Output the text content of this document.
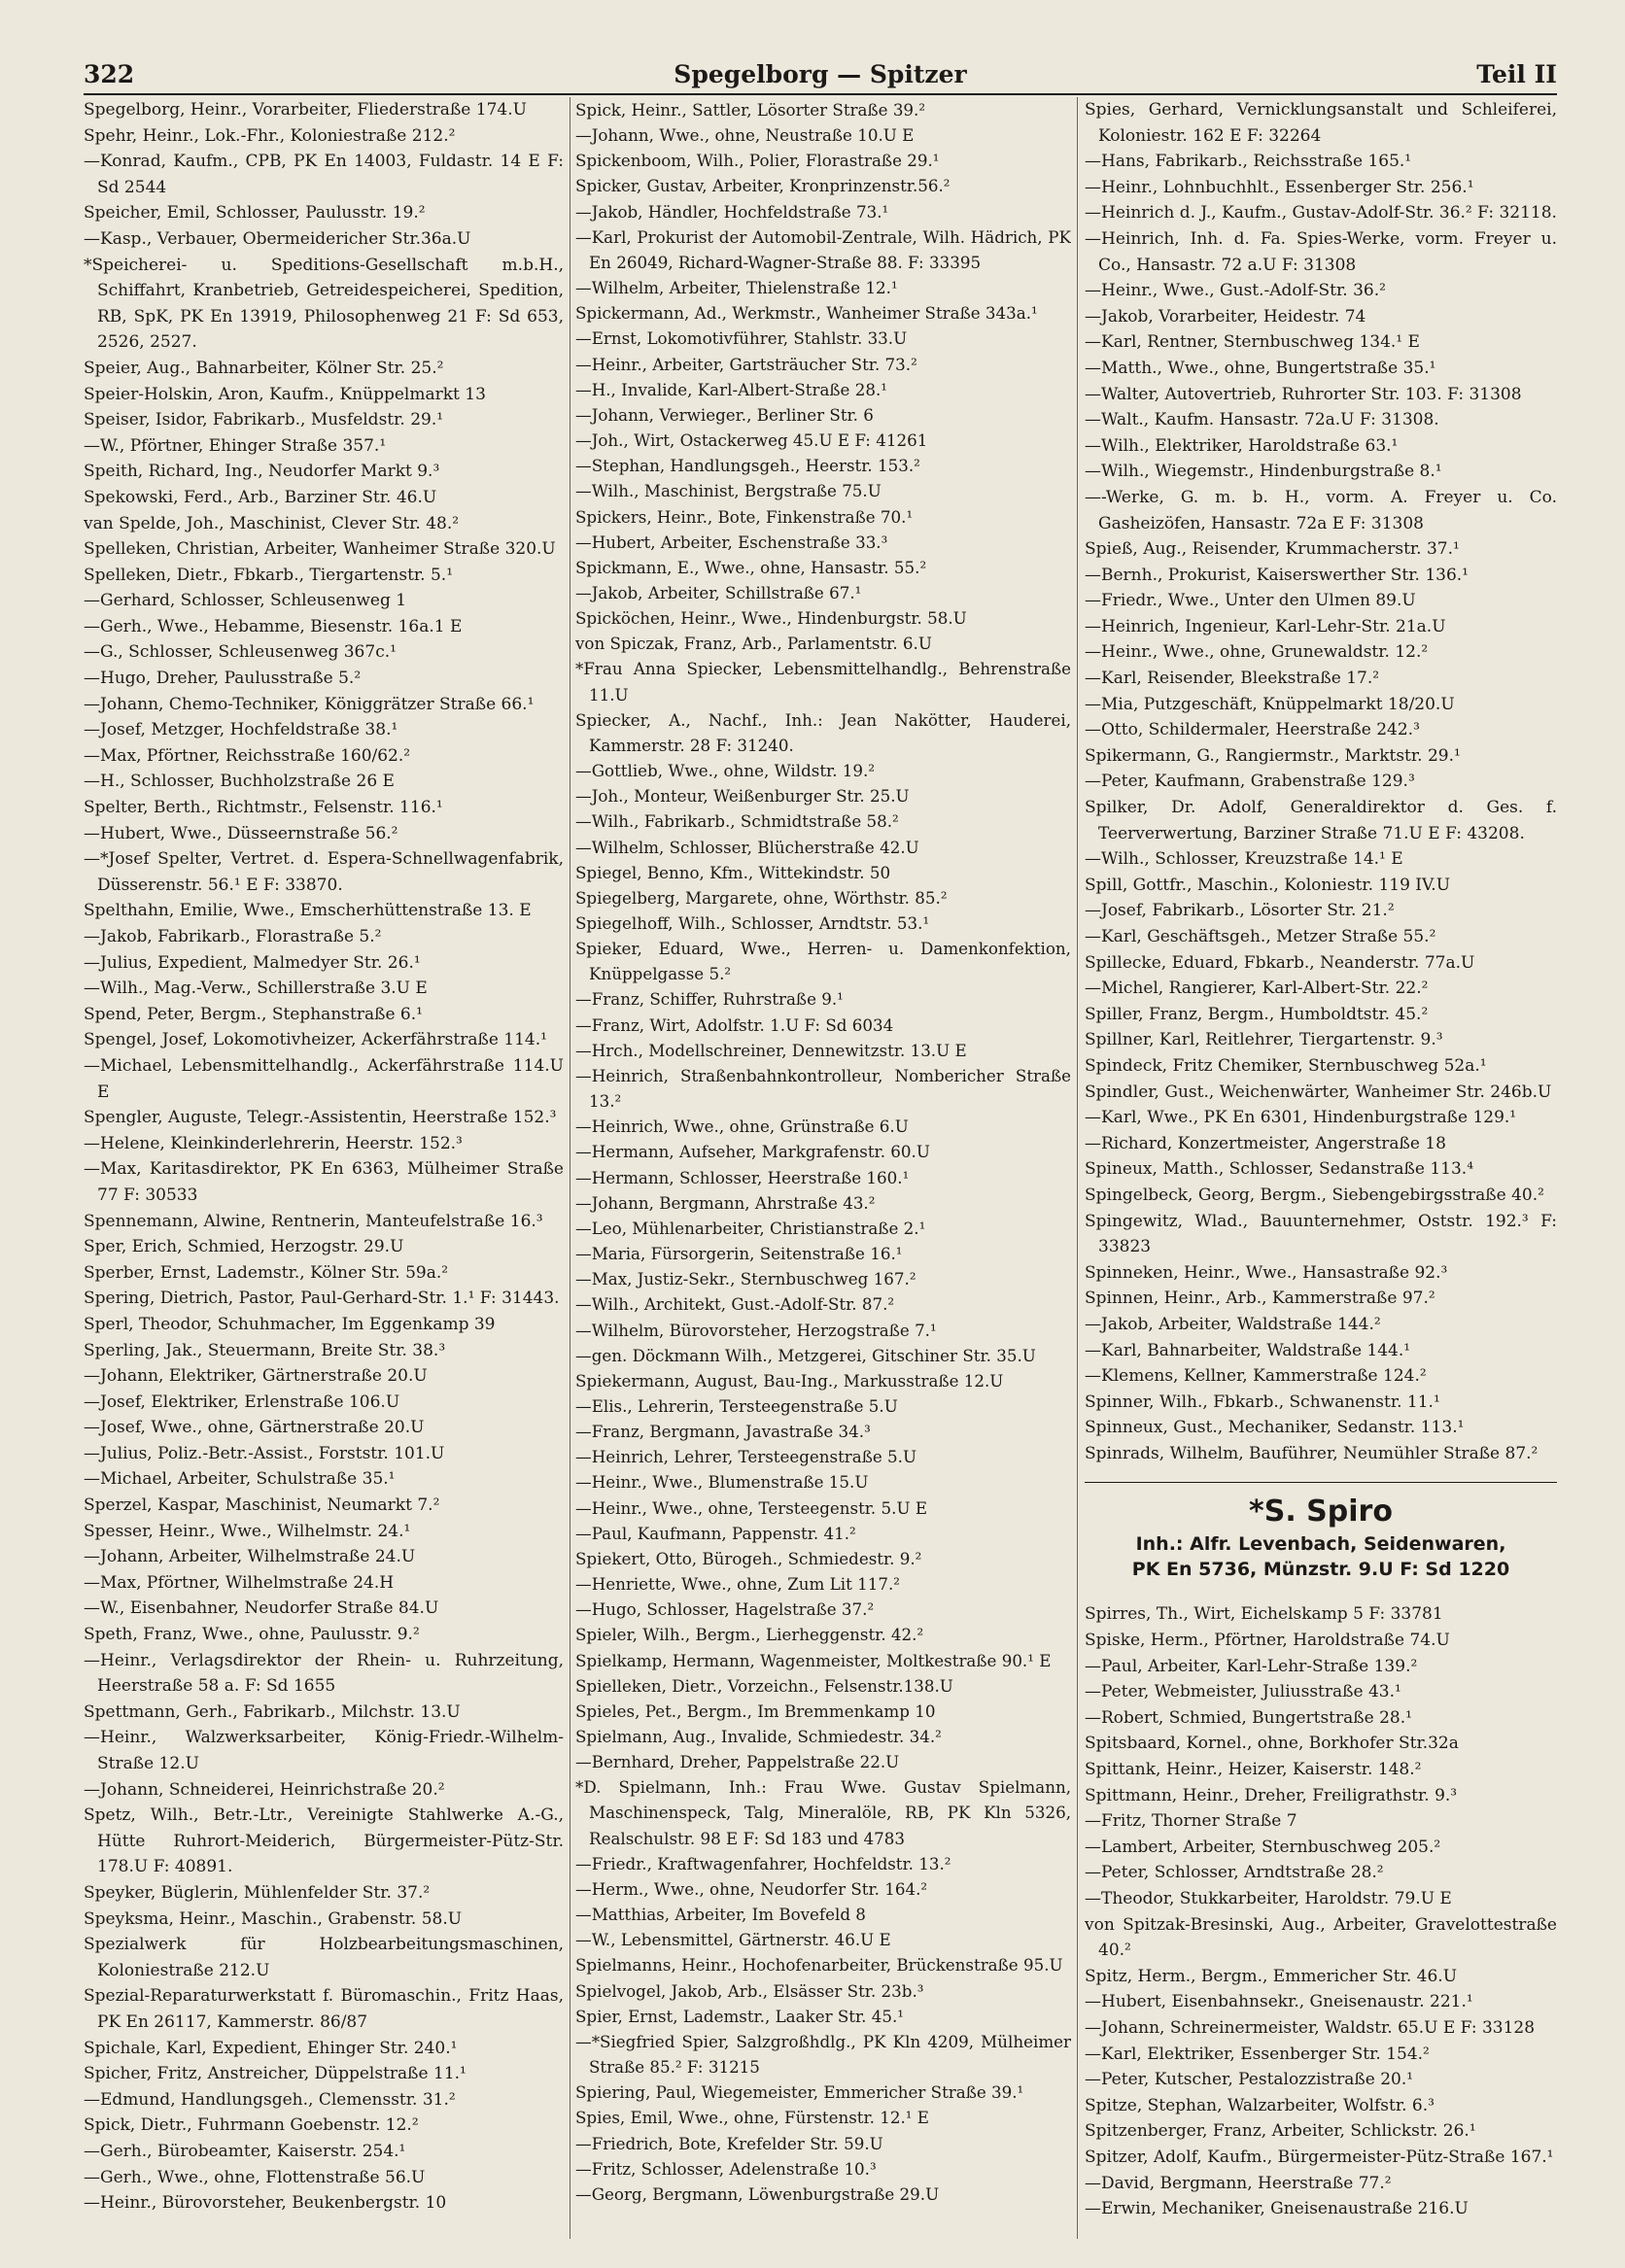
322	Spegelborg — Spitzer	Teil II
Spegelborg, Heinr., Vorarbeiter, Fliederstraße 174.U
Spehr, Heinr., Lok.-Fhr., Koloniestraße 212.²
—Konrad, Kaufm., CPB, PK En 14003, Fuldastr. 14 E F: Sd 2544
Speicher, Emil, Schlosser, Paulusstr. 19.²
—Kasp., Verbauer, Obermeidericher Str.36a.U
*Speicherei- u. Speditions-Gesellschaft m.b.H., Schiffahrt, Kranbetrieb, Getreidespeicherei, Spedition, RB, SpK, PK En 13919, Philosophenweg 21 F: Sd 653, 2526, 2527.
Speier, Aug., Bahnarbeiter, Kölner Str. 25.²
Speier-Holskin, Aron, Kaufm., Knüppelmarkt 13
Speiser, Isidor, Fabrikarb., Musfeldstr. 29.¹
—W., Pförtner, Ehinger Straße 357.¹
Speith, Richard, Ing., Neudorfer Markt 9.³
Spekowski, Ferd., Arb., Barziner Str. 46.U
van Spelde, Joh., Maschinist, Clever Str. 48.²
Spelleken, Christian, Arbeiter, Wanheimer Straße 320.U
Spelleken, Dietr., Fbkarb., Tiergartenstr. 5.¹
—Gerhard, Schlosser, Schleusenweg 1
—Gerh., Wwe., Hebamme, Biesenstr. 16a.1 E
—G., Schlosser, Schleusenweg 367c.¹
—Hugo, Dreher, Paulusstraße 5.²
—Johann, Chemo-Techniker, Königgrätzer Straße 66.¹
—Josef, Metzger, Hochfeldstraße 38.¹
—Max, Pförtner, Reichsstraße 160/62.²
—H., Schlosser, Buchholzstraße 26 E
Spelter, Berth., Richtmstr., Felsenstr. 116.¹
—Hubert, Wwe., Düsseernstraße 56.²
—*Josef Spelter, Vertret. d. Espera-Schnellwagenfabrik, Düsserenstr. 56.¹ E F: 33870.
Spelthahn, Emilie, Wwe., Emscherhüttenstraße 13. E
—Jakob, Fabrikarb., Florastraße 5.²
—Julius, Expedient, Malmedyer Str. 26.¹
—Wilh., Mag.-Verw., Schillerstraße 3.U E
Spend, Peter, Bergm., Stephanstraße 6.¹
Spengel, Josef, Lokomotivheizer, Ackerfährstraße 114.¹
—Michael, Lebensmittelhandlg., Ackerfährstraße 114.U E
Spengler, Auguste, Telegr.-Assistentin, Heerstraße 152.³
—Helene, Kleinkinderlehrerin, Heerstr. 152.³
—Max, Karitasdirektor, PK En 6363, Mülheimer Straße 77 F: 30533
Spennemann, Alwine, Rentnerin, Manteufelstraße 16.³
Sper, Erich, Schmied, Herzogstr. 29.U
Sperber, Ernst, Lademstr., Kölner Str. 59a.²
Spering, Dietrich, Pastor, Paul-Gerhard-Str. 1.¹ F: 31443.
Sperl, Theodor, Schuhmacher, Im Eggenkamp 39
Sperling, Jak., Steuermann, Breite Str. 38.³
—Johann, Elektriker, Gärtnerstraße 20.U
—Josef, Elektriker, Erlenstraße 106.U
—Josef, Wwe., ohne, Gärtnerstraße 20.U
—Julius, Poliz.-Betr.-Assist., Forststr. 101.U
—Michael, Arbeiter, Schulstraße 35.¹
Sperzel, Kaspar, Maschinist, Neumarkt 7.²
Spesser, Heinr., Wwe., Wilhelmstr. 24.¹
—Johann, Arbeiter, Wilhelmstraße 24.U
—Max, Pförtner, Wilhelmstraße 24.H
—W., Eisenbahner, Neudorfer Straße 84.U
Speth, Franz, Wwe., ohne, Paulusstr. 9.²
—Heinr., Verlagsdirektor der Rhein- u. Ruhrzeitung, Heerstraße 58 a. F: Sd 1655
Spettmann, Gerh., Fabrikarb., Milchstr. 13.U
—Heinr., Walzwerksarbeiter, König-Friedr.-Wilhelm-Straße 12.U
—Johann, Schneiderei, Heinrichstraße 20.²
Spetz, Wilh., Betr.-Ltr., Vereinigte Stahlwerke A.-G., Hütte Ruhrort-Meiderich, Bürgermeister-Pütz-Str. 178.U F: 40891.
Speyker, Büglerin, Mühlenfelder Str. 37.²
Speyksma, Heinr., Maschin., Grabenstr. 58.U
Spezialwerk für Holzbearbeitungsmaschinen, Koloniestraße 212.U
Spezial-Reparaturwerkstatt f. Büromaschin., Fritz Haas, PK En 26117, Kammerstr. 86/87
Spichale, Karl, Expedient, Ehinger Str. 240.¹
Spicher, Fritz, Anstreicher, Düppelstraße 11.¹
—Edmund, Handlungsgeh., Clemensstr. 31.²
Spick, Dietr., Fuhrmann Goebenstr. 12.²
—Gerh., Bürobeamter, Kaiserstr. 254.¹
—Gerh., Wwe., ohne, Flottenstraße 56.U
—Heinr., Bürovorsteher, Beukenbergstr. 10
Spick, Heinr., Sattler, Lösorter Straße 39.²
—Johann, Wwe., ohne, Neustraße 10.U E
Spickenboom, Wilh., Polier, Florastraße 29.¹
Spicker, Gustav, Arbeiter, Kronprinzenstr.56.²
—Jakob, Händler, Hochfeldstraße 73.¹
—Karl, Prokurist der Automobil-Zentrale, Wilh. Hädrich, PK En 26049, Richard-Wagner-Straße 88. F: 33395
—Wilhelm, Arbeiter, Thielenstraße 12.¹
Spickermann, Ad., Werkmstr., Wanheimer Straße 343a.¹
—Ernst, Lokomotivführer, Stahlstr. 33.U
—Heinr., Arbeiter, Gartsträucher Str. 73.²
—H., Invalide, Karl-Albert-Straße 28.¹
—Johann, Verwieger., Berliner Str. 6
—Joh., Wirt, Ostackerweg 45.U E F: 41261
—Stephan, Handlungsgeh., Heerstr. 153.²
—Wilh., Maschinist, Bergstraße 75.U
Spickers, Heinr., Bote, Finkenstraße 70.¹
—Hubert, Arbeiter, Eschenstraße 33.³
Spickmann, E., Wwe., ohne, Hansastr. 55.²
—Jakob, Arbeiter, Schillstraße 67.¹
Spicköchen, Heinr., Wwe., Hindenburgstr. 58.U
von Spiczak, Franz, Arb., Parlamentstr. 6.U
*Frau Anna Spiecker, Lebensmittelhandlg., Behrenstraße 11.U
Spiecker, A., Nachf., Inh.: Jean Nakötter, Hauderei, Kammerstr. 28 F: 31240.
—Gottlieb, Wwe., ohne, Wildstr. 19.²
—Joh., Monteur, Weißenburger Str. 25.U
—Wilh., Fabrikarb., Schmidtstraße 58.²
—Wilhelm, Schlosser, Blücherstraße 42.U
Spiegel, Benno, Kfm., Wittekindstr. 50
Spiegelberg, Margarete, ohne, Wörthstr. 85.²
Spiegelhoff, Wilh., Schlosser, Arndtstr. 53.¹
Spieker, Eduard, Wwe., Herren- u. Damenkonfektion, Knüppelgasse 5.²
—Franz, Schiffer, Ruhrstraße 9.¹
—Franz, Wirt, Adolfstr. 1.U F: Sd 6034
—Hrch., Modellschreiner, Dennewitzstr. 13.U E
—Heinrich, Straßenbahnkontrolleur, Nombericher Straße 13.²
—Heinrich, Wwe., ohne, Grünstraße 6.U
—Hermann, Aufseher, Markgrafenstr. 60.U
—Hermann, Schlosser, Heerstraße 160.¹
—Johann, Bergmann, Ahrstraße 43.²
—Leo, Mühlenarbeiter, Christianstraße 2.¹
—Maria, Fürsorgerin, Seitenstraße 16.¹
—Max, Justiz-Sekr., Sternbuschweg 167.²
—Wilh., Architekt, Gust.-Adolf-Str. 87.²
—Wilhelm, Bürovorsteher, Herzogstraße 7.¹
—gen. Döckmann Wilh., Metzgerei, Gitschiner Str. 35.U
Spiekermann, August, Bau-Ing., Markusstraße 12.U
—Elis., Lehrerin, Tersteegenstraße 5.U
—Franz, Bergmann, Javastraße 34.³
—Heinrich, Lehrer, Tersteegenstraße 5.U
—Heinr., Wwe., Blumenstraße 15.U
—Heinr., Wwe., ohne, Tersteegenstr. 5.U E
—Paul, Kaufmann, Pappenstr. 41.²
Spiekert, Otto, Bürogeh., Schmiedestr. 9.²
—Henriette, Wwe., ohne, Zum Lit 117.²
—Hugo, Schlosser, Hagelstraße 37.²
Spieler, Wilh., Bergm., Lierheggenstr. 42.²
Spielkamp, Hermann, Wagenmeister, Moltkestraße 90.¹ E
Spielleken, Dietr., Vorzeichn., Felsenstr.138.U
Spieles, Pet., Bergm., Im Bremmenkamp 10
Spielmann, Aug., Invalide, Schmiedestr. 34.²
—Bernhard, Dreher, Pappelstraße 22.U
*D. Spielmann, Inh.: Frau Wwe. Gustav Spielmann, Maschinenspeck, Talg, Mineralöle, RB, PK Kln 5326, Realschulstr. 98 E F: Sd 183 und 4783
—Friedr., Kraftwagenfahrer, Hochfeldstr. 13.²
—Herm., Wwe., ohne, Neudorfer Str. 164.²
—Matthias, Arbeiter, Im Bovefeld 8
—W., Lebensmittel, Gärtnerstr. 46.U E
Spielmanns, Heinr., Hochofenarbeiter, Brückenstraße 95.U
Spielvogel, Jakob, Arb., Elsässer Str. 23b.³
Spier, Ernst, Lademstr., Laaker Str. 45.¹
—*Siegfried Spier, Salzgroßhdlg., PK Kln 4209, Mülheimer Straße 85.² F: 31215
Spiering, Paul, Wiegemeister, Emmericher Straße 39.¹
Spies, Emil, Wwe., ohne, Fürstenstr. 12.¹ E
—Friedrich, Bote, Krefelder Str. 59.U
—Fritz, Schlosser, Adelenstraße 10.³
—Georg, Bergmann, Löwenburgstraße 29.U
Spies, Gerhard, Vernicklungsanstalt und Schleiferei, Koloniestr. 162 E F: 32264
—Hans, Fabrikarb., Reichsstraße 165.¹
—Heinr., Lohnbuchhlt., Essenberger Str. 256.¹
—Heinrich d. J., Kaufm., Gustav-Adolf-Str. 36.² F: 32118.
—Heinrich, Inh. d. Fa. Spies-Werke, vorm. Freyer u. Co., Hansastr. 72 a.U F: 31308
—Heinr., Wwe., Gust.-Adolf-Str. 36.²
—Jakob, Vorarbeiter, Heidestr. 74
—Karl, Rentner, Sternbuschweg 134.¹ E
—Matth., Wwe., ohne, Bungertstraße 35.¹
—Walter, Autovertrieb, Ruhrorter Str. 103. F: 31308
—Walt., Kaufm. Hansastr. 72a.U F: 31308.
—Wilh., Elektriker, Haroldstraße 63.¹
—Wilh., Wiegemstr., Hindenburgstraße 8.¹
—-Werke, G. m. b. H., vorm. A. Freyer u. Co. Gasheizöfen, Hansastr. 72a E F: 31308
Spieß, Aug., Reisender, Krummacherstr. 37.¹
—Bernh., Prokurist, Kaiserswerther Str. 136.¹
—Friedr., Wwe., Unter den Ulmen 89.U
—Heinrich, Ingenieur, Karl-Lehr-Str. 21a.U
—Heinr., Wwe., ohne, Grunewaldstr. 12.²
—Karl, Reisender, Bleekstraße 17.²
—Mia, Putzgeschäft, Knüppelmarkt 18/20.U
—Otto, Schildermaler, Heerstraße 242.³
Spikermann, G., Rangiermstr., Marktstr. 29.¹
—Peter, Kaufmann, Grabenstraße 129.³
Spilker, Dr. Adolf, Generaldirektor d. Ges. f. Teerverwertung, Barziner Straße 71.U E F: 43208.
—Wilh., Schlosser, Kreuzstraße 14.¹ E
Spill, Gottfr., Maschin., Koloniestr. 119 IV.U
—Josef, Fabrikarb., Lösorter Str. 21.²
—Karl, Geschäftsgeh., Metzer Straße 55.²
Spillecke, Eduard, Fbkarb., Neanderstr. 77a.U
—Michel, Rangierer, Karl-Albert-Str. 22.²
Spiller, Franz, Bergm., Humboldtstr. 45.²
Spillner, Karl, Reitlehrer, Tiergartenstr. 9.³
Spindeck, Fritz Chemiker, Sternbuschweg 52a.¹
Spindler, Gust., Weichenwärter, Wanheimer Str. 246b.U
—Karl, Wwe., PK En 6301, Hindenburgstraße 129.¹
—Richard, Konzertmeister, Angerstraße 18
Spineux, Matth., Schlosser, Sedanstraße 113.⁴
Spingelbeck, Georg, Bergm., Siebengebirgsstraße 40.²
Spingewitz, Wlad., Bauunternehmer, Oststr. 192.³ F: 33823
Spinneken, Heinr., Wwe., Hansastraße 92.³
Spinnen, Heinr., Arb., Kammerstraße 97.²
—Jakob, Arbeiter, Waldstraße 144.²
—Karl, Bahnarbeiter, Waldstraße 144.¹
—Klemens, Kellner, Kammerstraße 124.²
Spinner, Wilh., Fbkarb., Schwanenstr. 11.¹
Spinneux, Gust., Mechaniker, Sedanstr. 113.¹
Spinrads, Wilhelm, Bauführer, Neumühler Straße 87.²
*S. Spiro
Inh.: Alfr. Levenbach, Seidenwaren,
PK En 5736, Münzstr. 9.U F: Sd 1220
Spirres, Th., Wirt, Eichelskamp 5 F: 33781
Spiske, Herm., Pförtner, Haroldstraße 74.U
—Paul, Arbeiter, Karl-Lehr-Straße 139.²
—Peter, Webmeister, Juliusstraße 43.¹
—Robert, Schmied, Bungertstraße 28.¹
Spitsbaard, Kornel., ohne, Borkhofer Str.32a
Spittank, Heinr., Heizer, Kaiserstr. 148.²
Spittmann, Heinr., Dreher, Freiligrathstr. 9.³
—Fritz, Thorner Straße 7
—Lambert, Arbeiter, Sternbuschweg 205.²
—Peter, Schlosser, Arndtstraße 28.²
—Theodor, Stukkarbeiter, Haroldstr. 79.U E
von Spitzak-Bresinski, Aug., Arbeiter, Gravelottestraße 40.²
Spitz, Herm., Bergm., Emmericher Str. 46.U
—Hubert, Eisenbahnsekr., Gneisenaustr. 221.¹
—Johann, Schreinermeister, Waldstr. 65.U E F: 33128
—Karl, Elektriker, Essenberger Str. 154.²
—Peter, Kutscher, Pestalozzistraße 20.¹
Spitze, Stephan, Walzarbeiter, Wolfstr. 6.³
Spitzenberger, Franz, Arbeiter, Schlickstr. 26.¹
Spitzer, Adolf, Kaufm., Bürgermeister-Pütz-Straße 167.¹
—David, Bergmann, Heerstraße 77.²
—Erwin, Mechaniker, Gneisenaustraße 216.U
